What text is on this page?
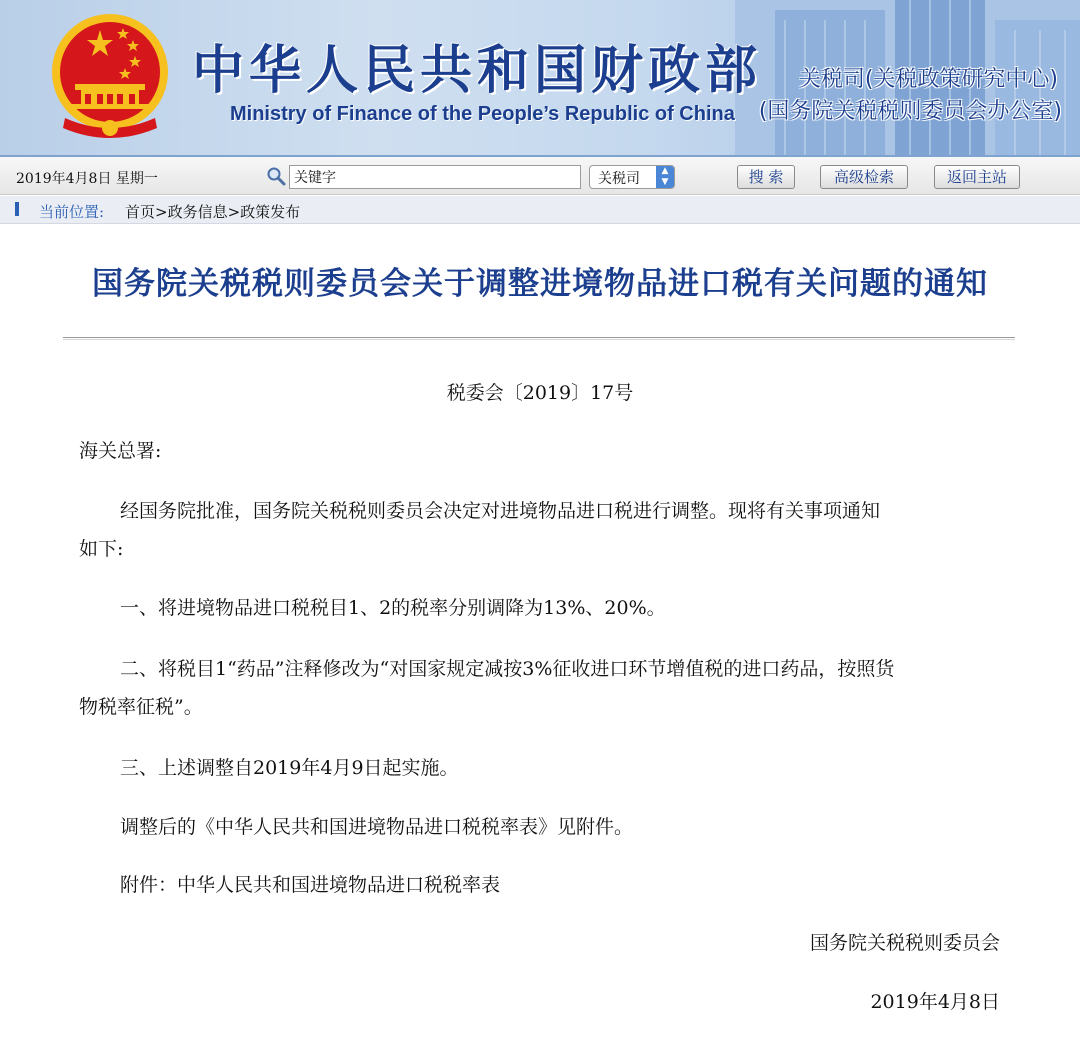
中华人民共和国财政部
Ministry of Finance of the People’s Republic of China
关税司(关税政策研究中心)
(国务院关税税则委员会办公室)
2019年4月8日 星期一
关键字	关税司	▲
▼	搜 索	高级检索	返回主站
当前位置: 首页>政务信息>政策发布
国务院关税税则委员会关于调整进境物品进口税有关问题的通知
税委会〔2019〕17号
海关总署:
经国务院批准，国务院关税税则委员会决定对进境物品进口税进行调整。现将有关事项通知
如下:
一、将进境物品进口税税目1、2的税率分别调降为13%、20%。
二、将税目1“药品”注释修改为“对国家规定减按3%征收进口环节增值税的进口药品，按照货
物税率征税”。
三、上述调整自2019年4月9日起实施。
调整后的《中华人民共和国进境物品进口税税率表》见附件。
附件：中华人民共和国进境物品进口税税率表
国务院关税税则委员会
2019年4月8日
